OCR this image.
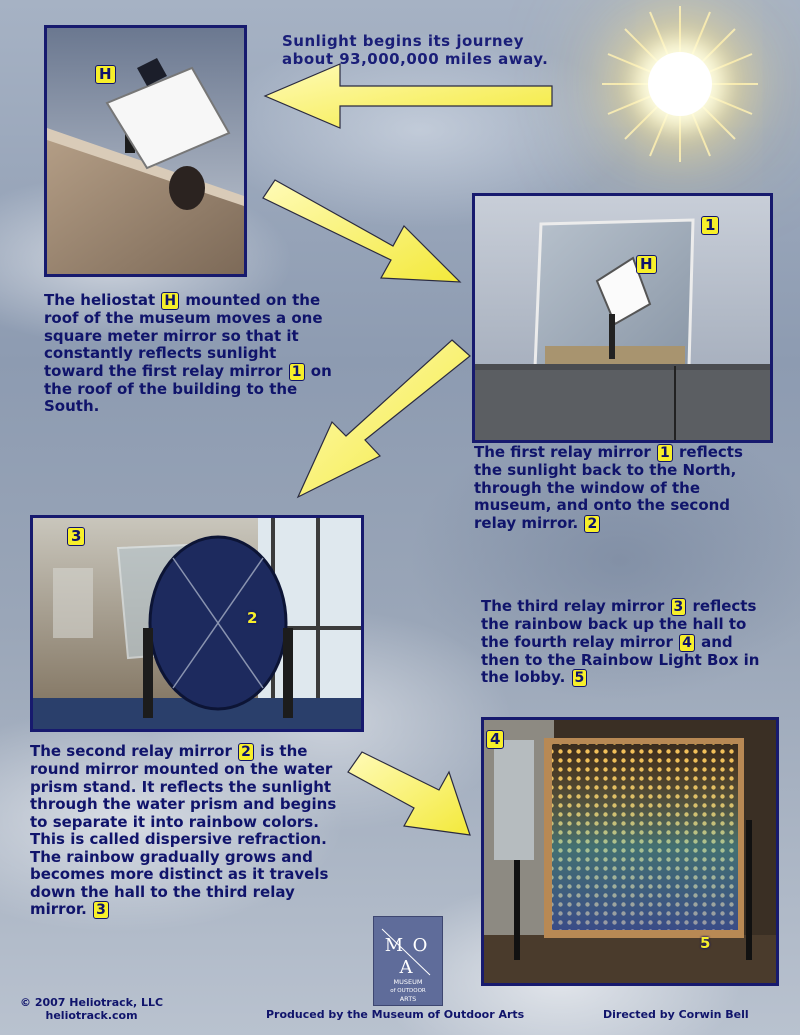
Sunlight begins its journey
about 93,000,000 miles away.
H
1
H
3
2
4
5
The heliostat H mounted on the roof of the museum moves a one square meter mirror so that it constantly reflects sunlight toward the first relay mirror 1 on the roof of the building to the South.
The first relay mirror 1 reflects the sunlight back to the North, through the window of the museum, and onto the second relay mirror. 2
The third relay mirror 3 reflects the rainbow back up the hall to the fourth relay mirror 4 and then to the Rainbow Light Box in the lobby. 5
The second relay mirror 2 is the round mirror mounted on the water prism stand. It reflects the sunlight through the water prism and begins to separate it into rainbow colors. This is called dispersive refraction. The rainbow gradually grows and becomes more distinct as it travels down the hall to the third relay mirror. 3
M O
A
MUSEUM
of OUTDOOR
ARTS
© 2007 Heliotrack, LLC
heliotrack.com	Produced by the Museum of Outdoor Arts	Directed by Corwin Bell
